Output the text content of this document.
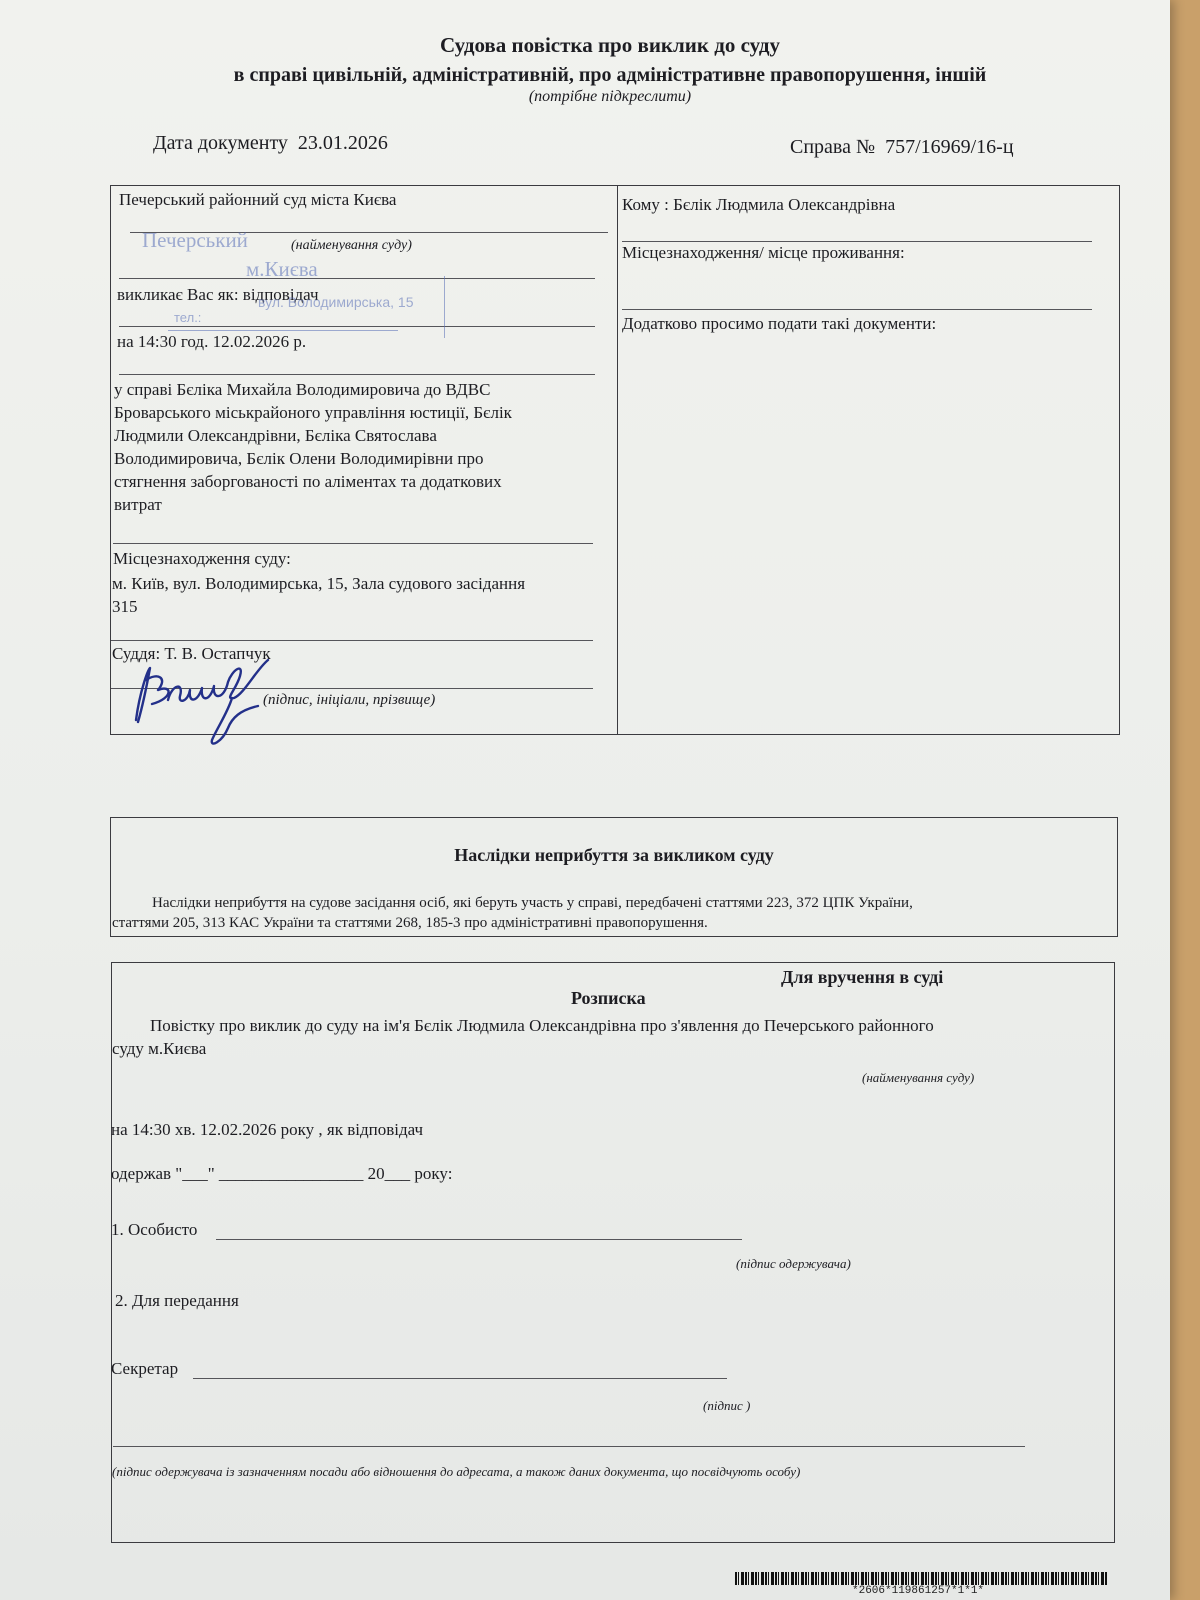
Судова повістка про виклик до суду
в справі цивільній, адміністративній, про адміністративне правопорушення, іншій
(потрібне підкреслити)
Дата документу 23.01.2026	Справа № 757/16969/16-ц
Печерський районний суд міста Києва
(найменування суду)
викликає Вас як: відповідач
на 14:30 год. 12.02.2026 р.
у справі Бєліка Михайла Володимировича до ВДВС
Броварського міськрайоного управління юстиції, Бєлік
Людмили Олександрівни, Бєліка Святослава
Володимировича, Бєлік Олени Володимирівни про
стягнення заборгованості по аліментах та додаткових
витрат
Місцезнаходження суду:
м. Київ, вул. Володимирська, 15, Зала судового засідання
315
Суддя: Т. В. Остапчук
(підпис, ініціали, прізвище)
Печерський
м.Києва
вул. Володимирська, 15
тел.:
Кому : Бєлік Людмила Олександрівна
Місцезнаходження/ місце проживання:
Додатково просимо подати такі документи:
Наслідки неприбуття за викликом суду
Наслідки неприбуття на судове засідання осіб, які беруть участь у справі, передбачені статтями 223, 372 ЦПК України,
статтями 205, 313 КАС України та статтями 268, 185-3 про адміністративні правопорушення.
Для вручення в суді
Розписка
Повістку про виклик до суду на ім'я Бєлік Людмила Олександрівна про з'явлення до Печерського районного
суду м.Києва
(найменування суду)
на 14:30 хв. 12.02.2026 року , як відповідач
одержав "___" _________________ 20___ року:
1. Особисто
(підпис одержувача)
2. Для передання
Секретар
(підпис )
(підпис одержувача із зазначенням посади або відношення до адресата, а також даних документа, що посвідчують особу)
*2606*119861257*1*1*
